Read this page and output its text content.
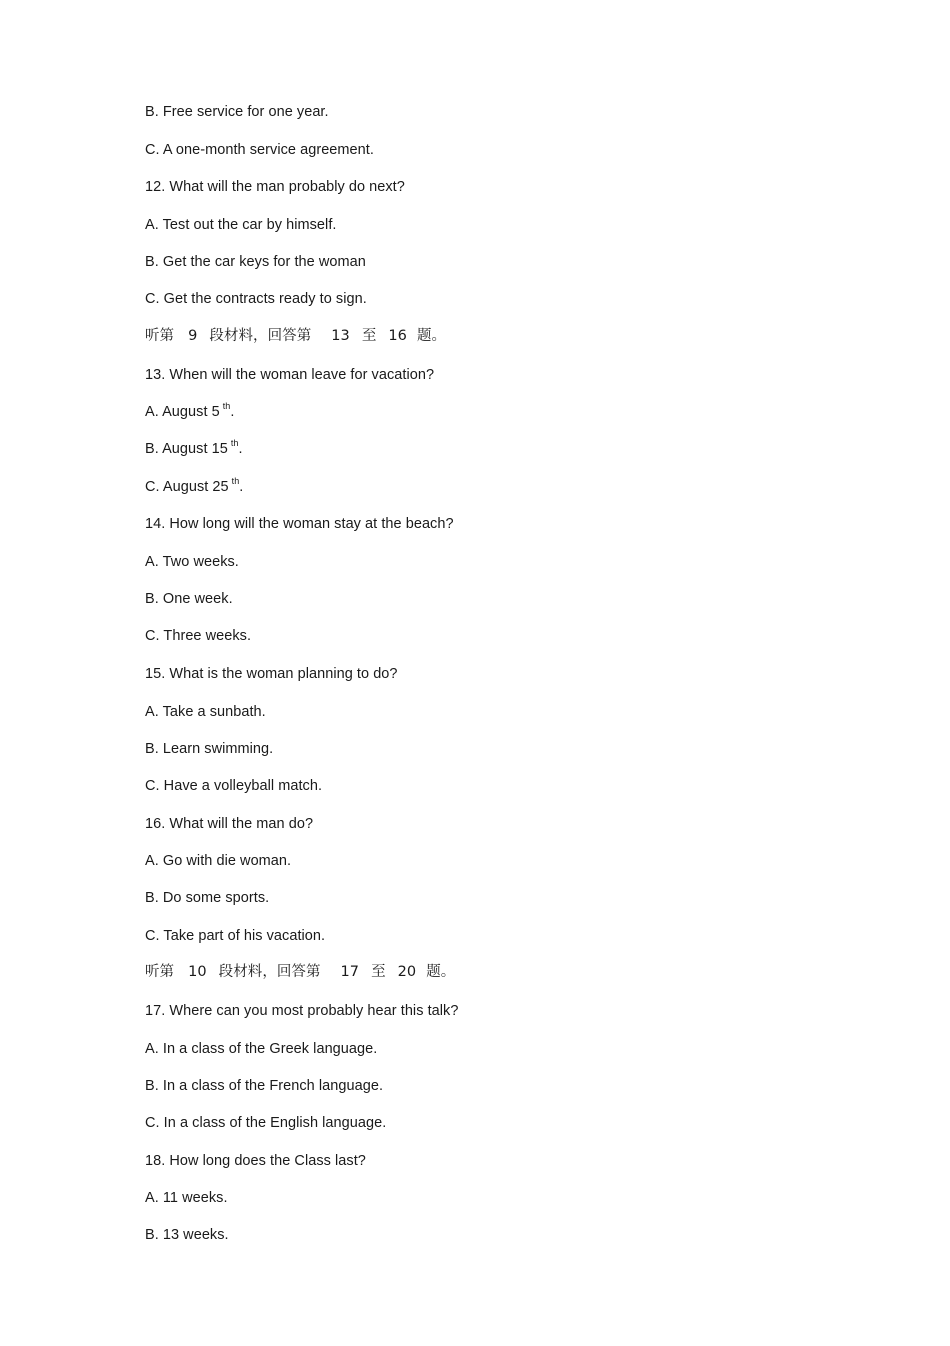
B. Free service for one year.
C. A one-month service agreement.
12. What will the man probably do next?
A. Test out the car by himself.
B. Get the car keys for the woman
C. Get the contracts ready to sign.
听第 9 段材料，回答第 13 至 16 题。
13. When will the woman leave for vacation?
A. August 5 $^{th}$.
B. August 15 $^{th}$.
C. August 25 $^{th}$.
14. How long will the woman stay at the beach?
A. Two weeks.
B. One week.
C. Three weeks.
15. What is the woman planning to do?
A. Take a sunbath.
B. Learn swimming.
C. Have a volleyball match.
16. What will the man do?
A. Go with die woman.
B. Do some sports.
C. Take part of his vacation.
听第 10 段材料，回答第 17 至 20 题。
17. Where can you most probably hear this talk?
A. In a class of the Greek language.
B. In a class of the French language.
C. In a class of the English language.
18. How long does the Class last?
A. 11 weeks.
B. 13 weeks.
